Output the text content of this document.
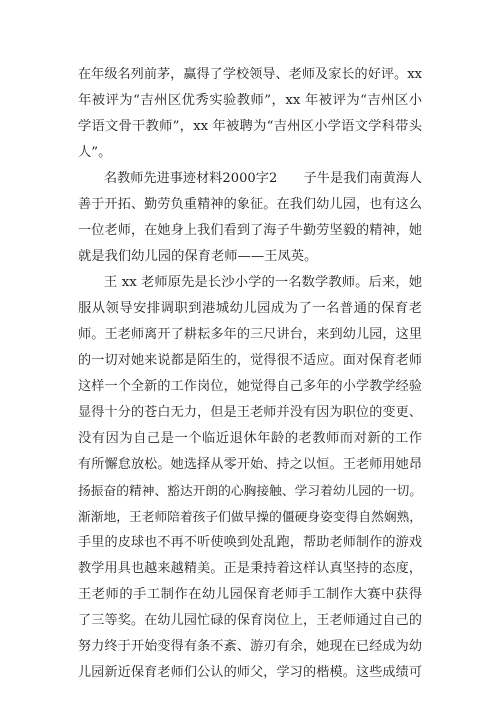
在年级名列前茅，赢得了学校领导、老师及家长的好评。xx
年被评为“吉州区优秀实验教师”，xx 年被评为“吉州区小
学语文骨干教师”，xx 年被聘为“吉州区小学语文学科带头
人”。
名教师先进事迹材料2000字2　　子牛是我们南黄海人
善于开拓、勤劳负重精神的象征。在我们幼儿园，也有这么
一位老师，在她身上我们看到了海子牛勤劳坚毅的精神，她
就是我们幼儿园的保育老师——王凤英。
王 xx 老师原先是长沙小学的一名数学教师。后来，她
服从领导安排调职到港城幼儿园成为了一名普通的保育老
师。王老师离开了耕耘多年的三尺讲台，来到幼儿园，这里
的一切对她来说都是陌生的，觉得很不适应。面对保育老师
这样一个全新的工作岗位，她觉得自己多年的小学教学经验
显得十分的苍白无力，但是王老师并没有因为职位的变更、
没有因为自己是一个临近退休年龄的老教师而对新的工作
有所懈怠放松。她选择从零开始、持之以恒。王老师用她昂
扬振奋的精神、豁达开朗的心胸接触、学习着幼儿园的一切。
渐渐地，王老师陪着孩子们做早操的僵硬身姿变得自然娴熟，
手里的皮球也不再不听使唤到处乱跑，帮助老师制作的游戏
教学用具也越来越精美。正是秉持着这样认真坚持的态度，
王老师的手工制作在幼儿园保育老师手工制作大赛中获得
了三等奖。在幼儿园忙碌的保育岗位上，王老师通过自己的
努力终于开始变得有条不紊、游刃有余，她现在已经成为幼
儿园新近保育老师们公认的师父，学习的楷模。这些成绩可
